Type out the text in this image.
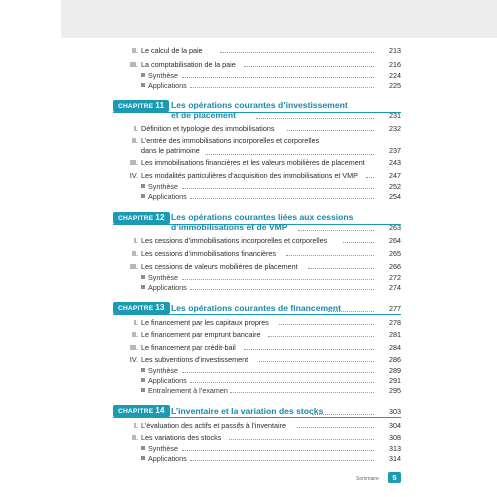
II. Le calcul de la paie	213
III. La comptabilisation de la paie	216
Synthèse	224
Applications	225
CHAPITRE 11 Les opérations courantes d’investissement
et de placement	231
I. Définition et typologie des immobilisations	232
II. L’entrée des immobilisations incorporelles et corporelles
dans le patrimoine	237
III. Les immobilisations financières et les valeurs mobilières de placement	243
IV. Les modalités particulières d’acquisition des immobilisations et VMP	247
Synthèse	252
Applications	254
CHAPITRE 12 Les opérations courantes liées aux cessions
d’immobilisations et de VMP	263
I. Les cessions d’immobilisations incorporelles et corporelles	264
II. Les cessions d’immobilisations financières	265
III. Les cessions de valeurs mobilières de placement	266
Synthèse	272
Applications	274
CHAPITRE 13 Les opérations courantes de financement	277
I. Le financement par les capitaux propres	278
II. Le financement par emprunt bancaire	281
III. Le financement par crédit-bail	284
IV. Les subventions d’investissement	286
Synthèse	289
Applications	291
Entraînement à l’examen	295
CHAPITRE 14 L’inventaire et la variation des stocks	303
I. L’évaluation des actifs et passifs à l’inventaire	304
II. Les variations des stocks	308
Synthèse	313
Applications	314
Sommaire	5
